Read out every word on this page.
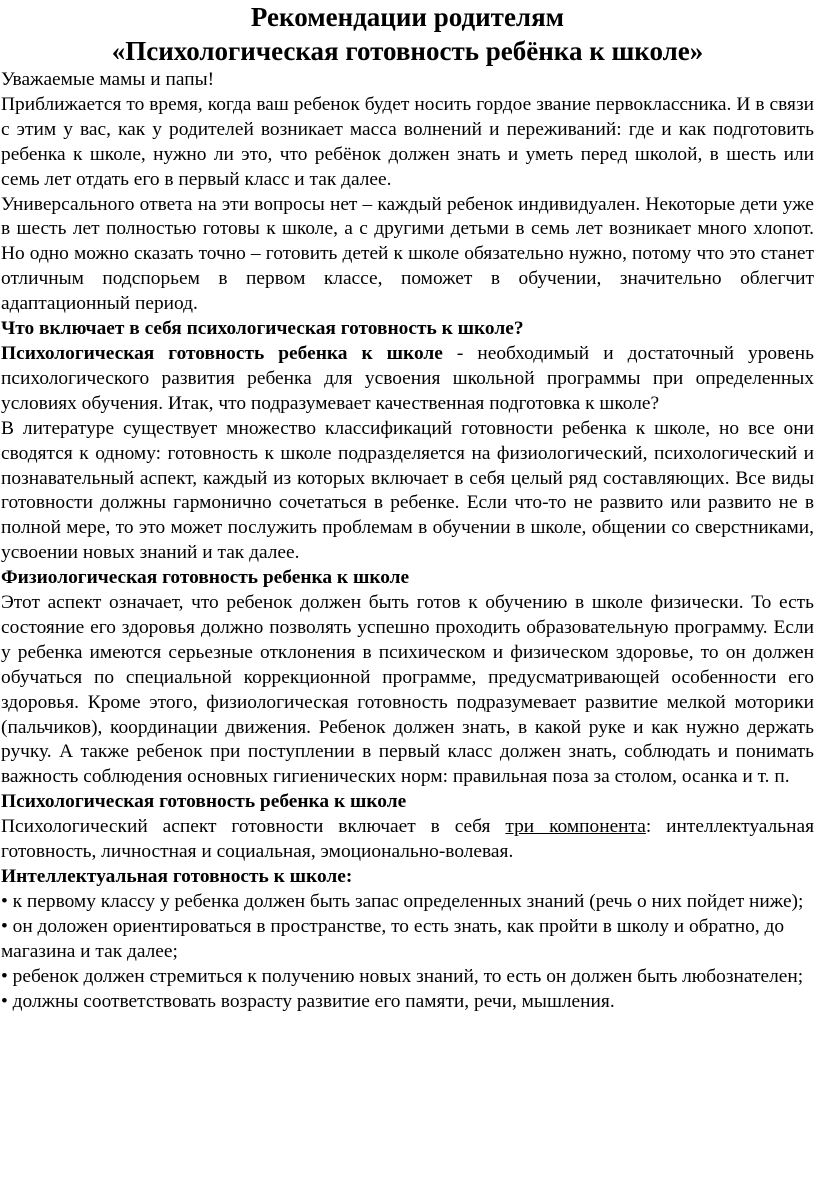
Рекомендации родителям
«Психологическая готовность ребёнка к школе»

Уважаемые мамы и папы!

Приближается то время, когда ваш ребенок будет носить гордое звание первоклассника. И в связи с этим у вас, как у родителей возникает масса волнений и переживаний: где и как подготовить ребенка к школе, нужно ли это, что ребёнок должен знать и уметь перед школой, в шесть или семь лет отдать его в первый класс и так далее.

Универсального ответа на эти вопросы нет – каждый ребенок индивидуален. Некоторые дети уже в шесть лет полностью готовы к школе, а с другими детьми в семь лет возникает много хлопот. Но одно можно сказать точно – готовить детей к школе обязательно нужно, потому что это станет отличным подспорьем в первом классе, поможет в обучении, значительно облегчит адаптационный период.

Что включает в себя психологическая готовность к школе?

Психологическая готовность ребенка к школе - необходимый и достаточный уровень психологического развития ребенка для усвоения школьной программы при определенных условиях обучения. Итак, что подразумевает качественная подготовка к школе?

В литературе существует множество классификаций готовности ребенка к школе, но все они сводятся к одному: готовность к школе подразделяется на физиологический, психологический и познавательный аспект, каждый из которых включает в себя целый ряд составляющих. Все виды готовности должны гармонично сочетаться в ребенке. Если что-то не развито или развито не в полной мере, то это может послужить проблемам в обучении в школе, общении со сверстниками, усвоении новых знаний и так далее.

Физиологическая готовность ребенка к школе

Этот аспект означает, что ребенок должен быть готов к обучению в школе физически. То есть состояние его здоровья должно позволять успешно проходить образовательную программу. Если у ребенка имеются серьезные отклонения в психическом и физическом здоровье, то он должен обучаться по специальной коррекционной программе, предусматривающей особенности его здоровья. Кроме этого, физиологическая готовность подразумевает развитие мелкой моторики (пальчиков), координации движения. Ребенок должен знать, в какой руке и как нужно держать ручку. А также ребенок при поступлении в первый класс должен знать, соблюдать и понимать важность соблюдения основных гигиенических норм: правильная поза за столом, осанка и т. п.

Психологическая готовность ребенка к школе

Психологический аспект готовности включает в себя три компонента: интеллектуальная готовность, личностная и социальная, эмоционально-волевая.

Интеллектуальная готовность к школе:

• к первому классу у ребенка должен быть запас определенных знаний (речь о них пойдет ниже);

• он доложен ориентироваться в пространстве, то есть знать, как пройти в школу и обратно, до магазина и так далее;

• ребенок должен стремиться к получению новых знаний, то есть он должен быть любознателен;

• должны соответствовать возрасту развитие его памяти, речи, мышления.
